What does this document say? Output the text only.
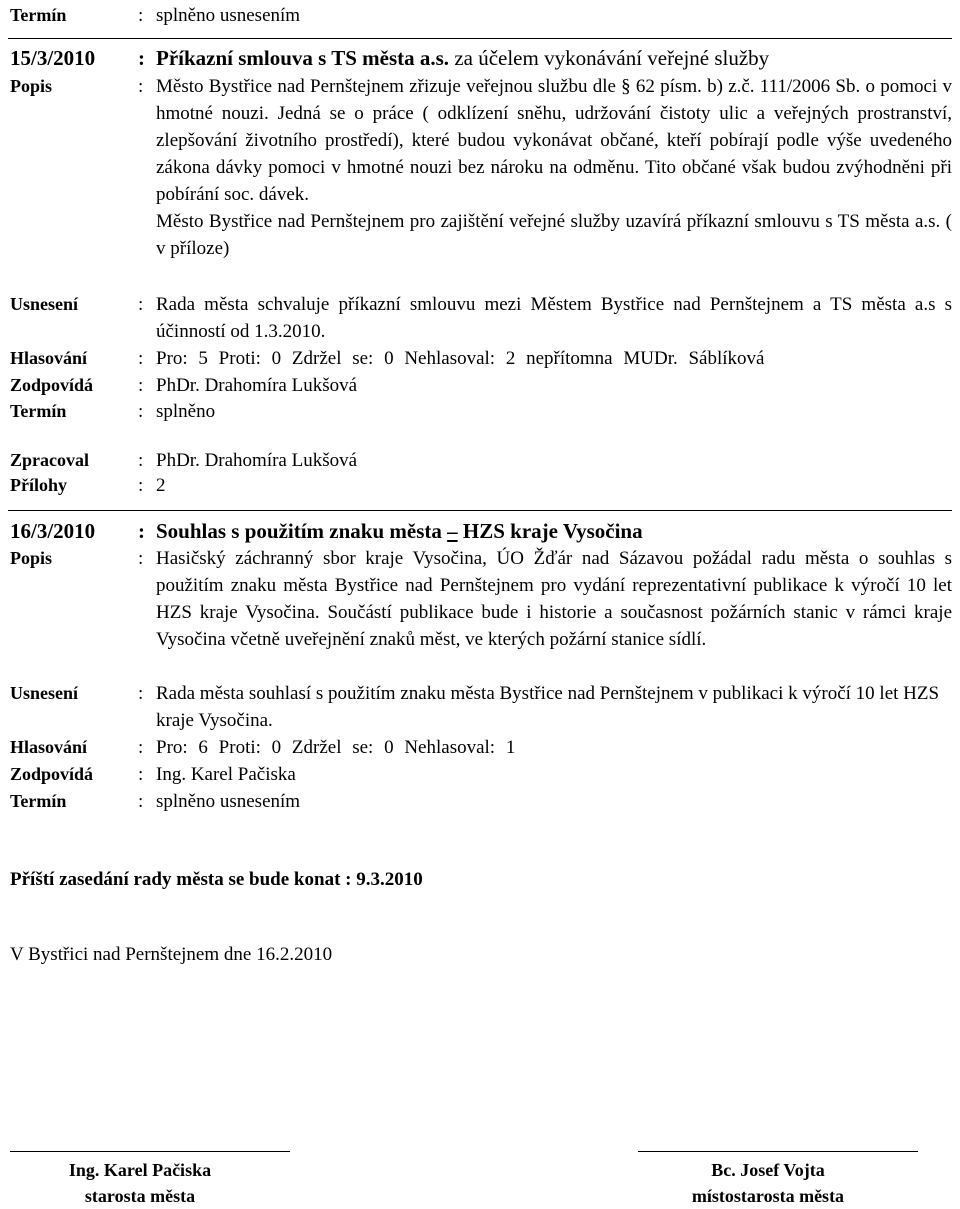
Termín	: splněno usnesením
15/3/2010	: Příkazní smlouva s TS města a.s. za účelem vykonávání veřejné služby
Popis	: Město Bystřice nad Pernštejnem zřizuje veřejnou službu dle § 62 písm. b) z.č. 111/2006 Sb. o pomoci v hmotné nouzi. Jedná se o práce ( odklízení sněhu, udržování čistoty ulic a veřejných prostranství, zlepšování životního prostředí), které budou vykonávat občané, kteří pobírají podle výše uvedeného zákona dávky pomoci v hmotné nouzi bez nároku na odměnu. Tito občané však budou zvýhodněni při pobírání soc. dávek.
Město Bystřice nad Pernštejnem pro zajištění veřejné služby uzavírá příkazní smlouvu s TS města a.s. ( v příloze)
Usnesení	: Rada města schvaluje příkazní smlouvu mezi Městem Bystřice nad Pernštejnem a TS města a.s s účinností od 1.3.2010.
Hlasování	: Pro: 5 Proti: 0 Zdržel se: 0 Nehlasoval: 2 nepřítomna MUDr. Sáblíková
Zodpovídá	: PhDr. Drahomíra Lukšová
Termín	: splněno
Zpracoval	: PhDr. Drahomíra Lukšová
Přílohy	: 2
16/3/2010	: Souhlas s použitím znaku města – HZS kraje Vysočina
Popis	: Hasičský záchranný sbor kraje Vysočina, ÚO Žďár nad Sázavou požádal radu města o souhlas s použitím znaku města Bystřice nad Pernštejnem pro vydání reprezentativní publikace k výročí 10 let HZS kraje Vysočina. Součástí publikace bude i historie a současnost požárních stanic v rámci kraje Vysočina včetně uveřejnění znaků měst, ve kterých požární stanice sídlí.
Usnesení	: Rada města souhlasí s použitím znaku města Bystřice nad Pernštejnem v publikaci k výročí 10 let HZS kraje Vysočina.
Hlasování	: Pro: 6 Proti: 0 Zdržel se: 0 Nehlasoval: 1
Zodpovídá	: Ing. Karel Pačiska
Termín	: splněno usnesením
Příští zasedání rady města se bude konat : 9.3.2010
V Bystřici nad Pernštejnem dne 16.2.2010
Ing. Karel Pačiska
starosta města
Bc. Josef Vojta
místostarosta města
